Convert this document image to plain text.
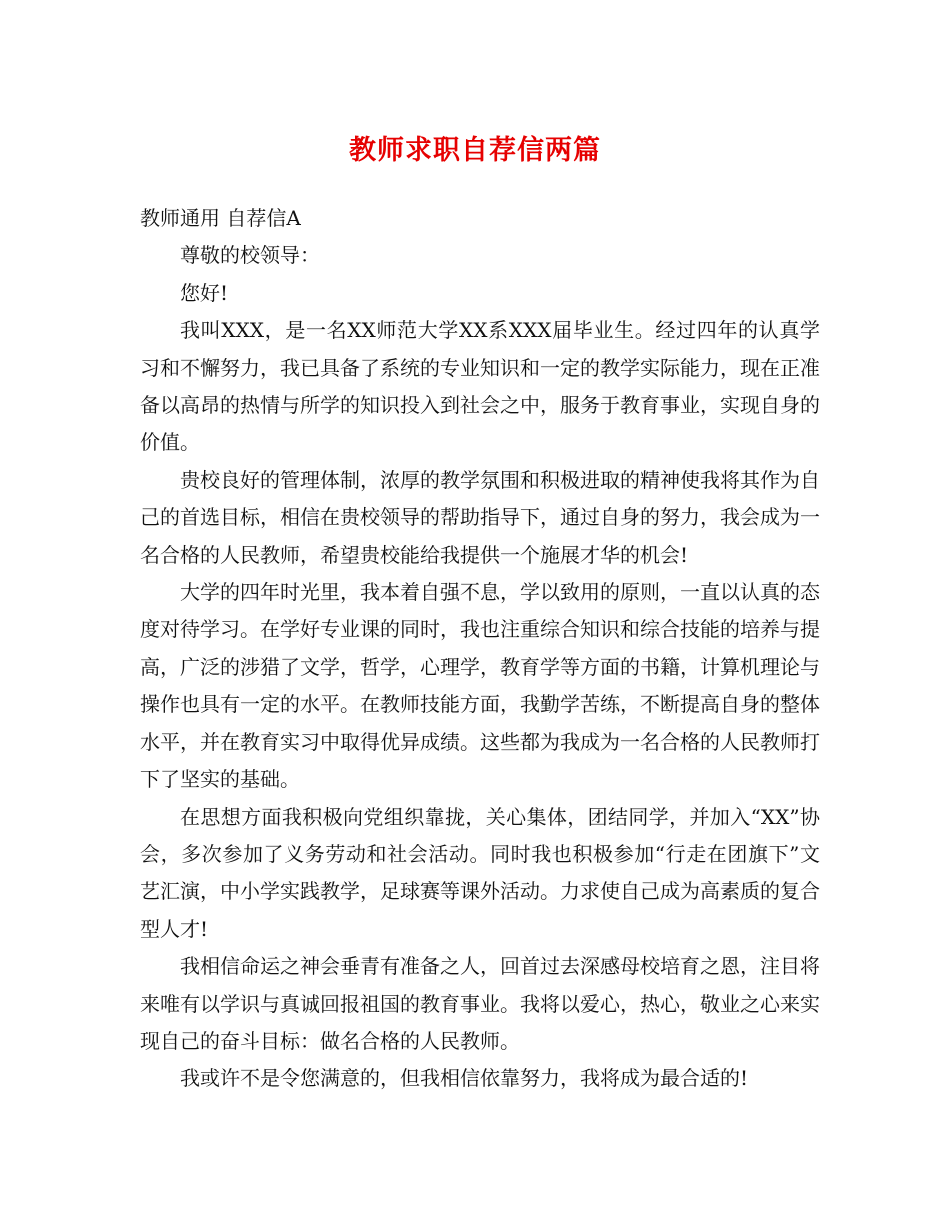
教师求职自荐信两篇

教师通用 自荐信A

尊敬的校领导：

您好!

我叫XXX，是一名XX师范大学XX系XXX届毕业生。经过四年的认真学习和不懈努力，我已具备了系统的专业知识和一定的教学实际能力，现在正准备以高昂的热情与所学的知识投入到社会之中，服务于教育事业，实现自身的价值。

贵校良好的管理体制，浓厚的教学氛围和积极进取的精神使我将其作为自己的首选目标，相信在贵校领导的帮助指导下，通过自身的努力，我会成为一名合格的人民教师，希望贵校能给我提供一个施展才华的机会!

大学的四年时光里，我本着自强不息，学以致用的原则，一直以认真的态度对待学习。在学好专业课的同时，我也注重综合知识和综合技能的培养与提高，广泛的涉猎了文学，哲学，心理学，教育学等方面的书籍，计算机理论与操作也具有一定的水平。在教师技能方面，我勤学苦练，不断提高自身的整体水平，并在教育实习中取得优异成绩。这些都为我成为一名合格的人民教师打下了坚实的基础。

在思想方面我积极向党组织靠拢，关心集体，团结同学，并加入“XX”协会，多次参加了义务劳动和社会活动。同时我也积极参加“行走在团旗下”文艺汇演，中小学实践教学，足球赛等课外活动。力求使自己成为高素质的复合型人才!

我相信命运之神会垂青有准备之人，回首过去深感母校培育之恩，注目将来唯有以学识与真诚回报祖国的教育事业。我将以爱心，热心，敬业之心来实现自己的奋斗目标：做名合格的人民教师。

我或许不是令您满意的，但我相信依靠努力，我将成为最合适的!
